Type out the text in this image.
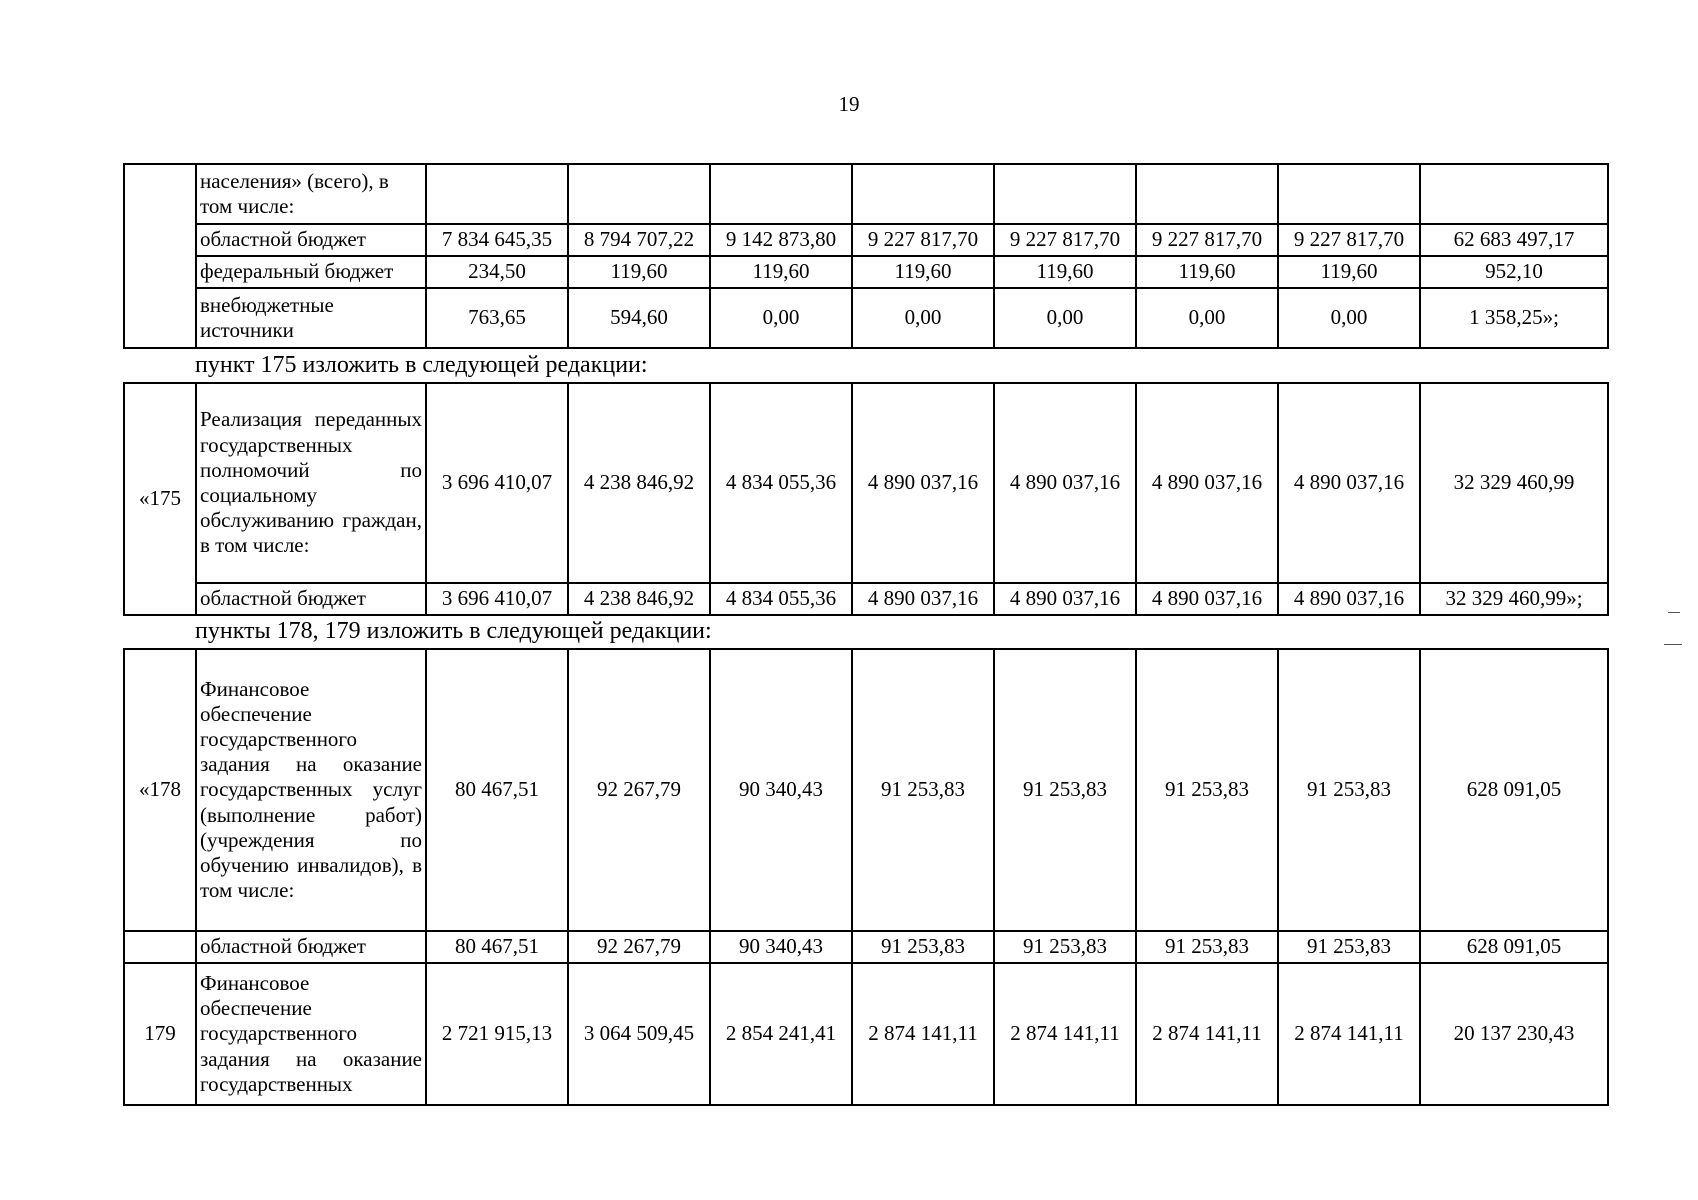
19
	населения» (всего), в том числе:								
	областной бюджет	7 834 645,35	8 794 707,22	9 142 873,80	9 227 817,70	9 227 817,70	9 227 817,70	9 227 817,70	62 683 497,17
	федеральный бюджет	234,50	119,60	119,60	119,60	119,60	119,60	119,60	952,10
	внебюджетные источники	763,65	594,60	0,00	0,00	0,00	0,00	0,00	1 358,25»;
пункт 175 изложить в следующей редакции:
«175	Реализация переданных государственных полномочий по социальному обслуживанию граждан, в том числе:	3 696 410,07	4 238 846,92	4 834 055,36	4 890 037,16	4 890 037,16	4 890 037,16	4 890 037,16	32 329 460,99
	областной бюджет	3 696 410,07	4 238 846,92	4 834 055,36	4 890 037,16	4 890 037,16	4 890 037,16	4 890 037,16	32 329 460,99»;
пункты 178, 179 изложить в следующей редакции:
«178	Финансовое обеспечение государственного задания на оказание государственных услуг (выполнение работ) (учреждения по обучению инвалидов), в том числе:	80 467,51	92 267,79	90 340,43	91 253,83	91 253,83	91 253,83	91 253,83	628 091,05
	областной бюджет	80 467,51	92 267,79	90 340,43	91 253,83	91 253,83	91 253,83	91 253,83	628 091,05
179	Финансовое обеспечение государственного задания на оказание государственных	2 721 915,13	3 064 509,45	2 854 241,41	2 874 141,11	2 874 141,11	2 874 141,11	2 874 141,11	20 137 230,43
